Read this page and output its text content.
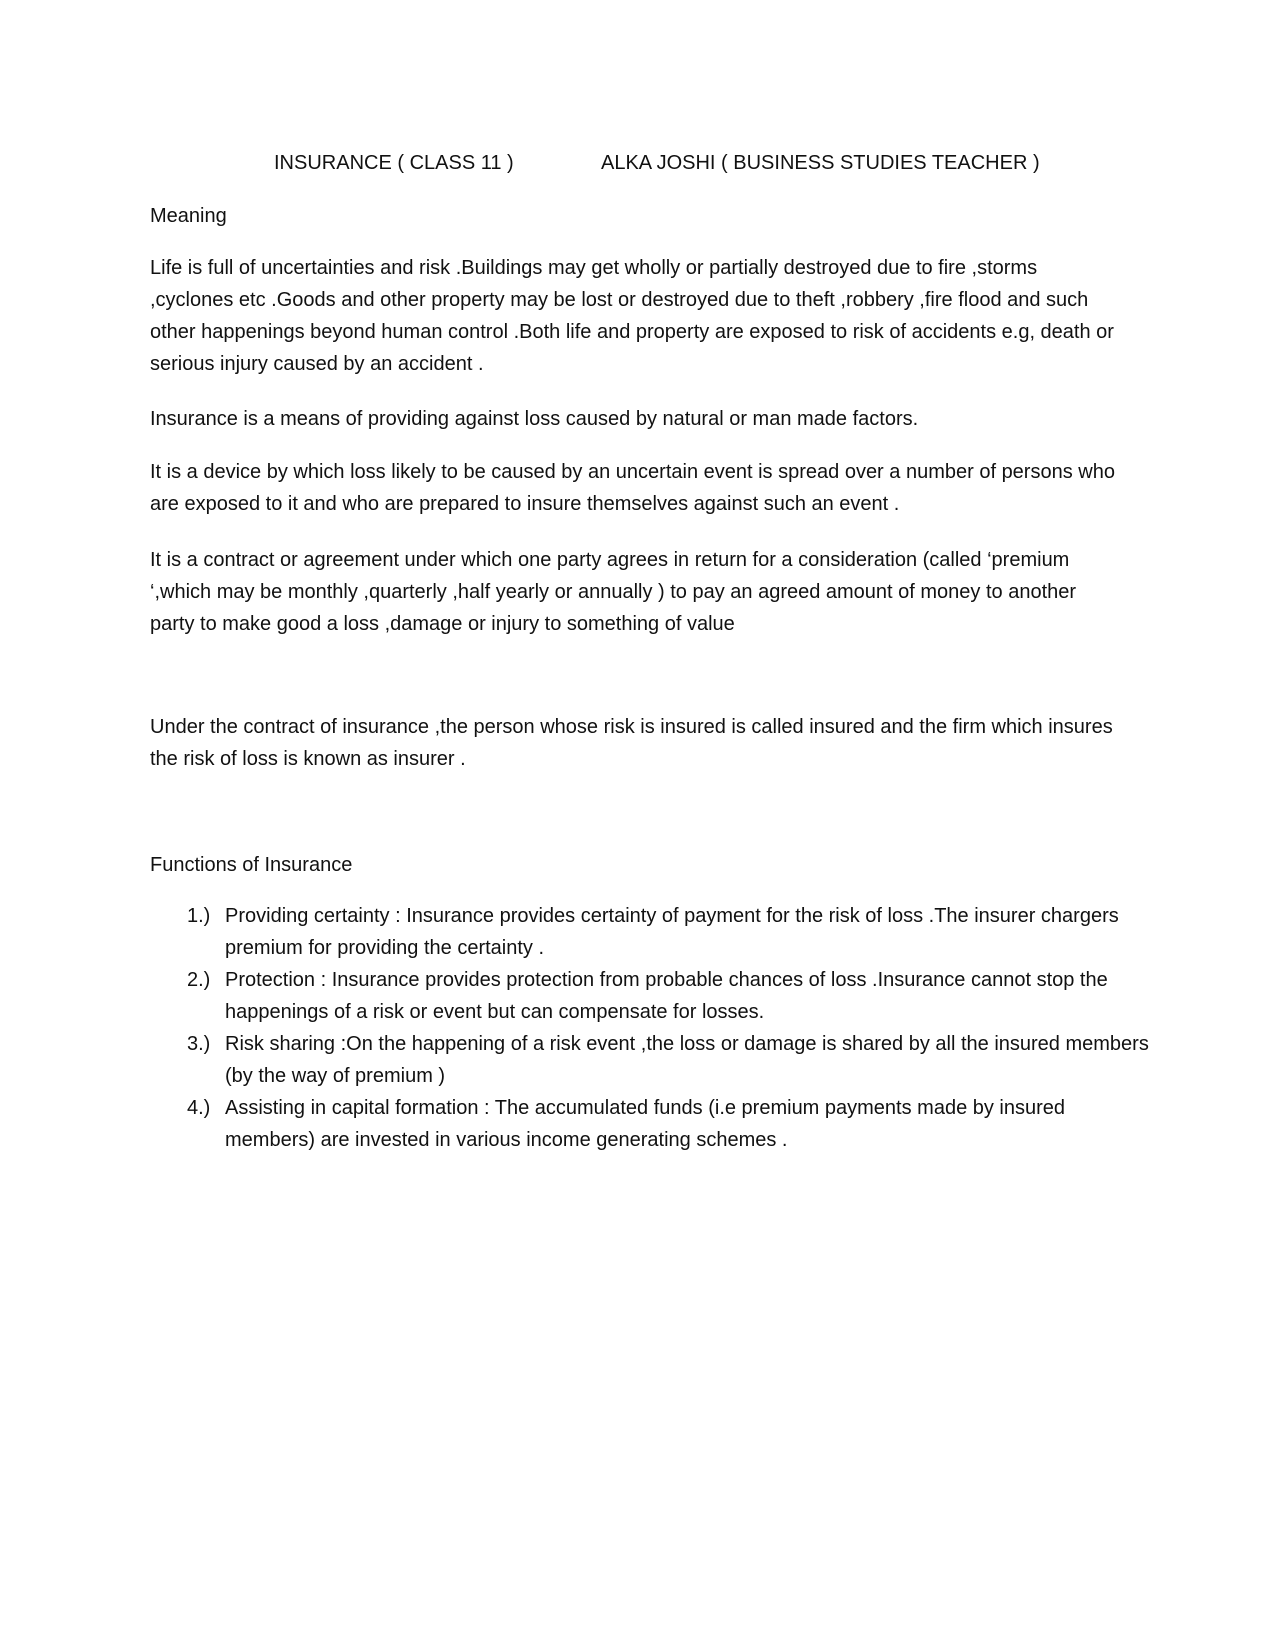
INSURANCE ( CLASS 11 )	ALKA JOSHI ( BUSINESS STUDIES TEACHER )

Meaning

Life is full of uncertainties and risk .Buildings may get wholly or partially destroyed due to fire ,storms ,cyclones etc .Goods and other property may be lost or destroyed due to theft ,robbery ,fire flood and such other happenings beyond human control .Both life and property are exposed to risk of accidents e.g, death or serious injury caused by an accident .

Insurance is a means of providing against loss caused by natural or man made factors.

It is a device by which loss likely to be caused by an uncertain event is spread over a number of persons who are exposed to it and who are prepared to insure themselves against such an event .

It is a contract or agreement under which one party agrees in return for a consideration (called ‘premium ‘,which may be monthly ,quarterly ,half yearly or annually ) to pay an agreed amount of money to another party to make good a loss ,damage or injury to something of value

Under the contract of insurance ,the person whose risk is insured is called insured and the firm which insures the risk of loss is known as insurer .

Functions of Insurance

1.) Providing certainty : Insurance provides certainty of payment for the risk of loss .The insurer chargers premium for providing the certainty .
2.) Protection : Insurance provides protection from probable chances of loss .Insurance cannot stop the happenings of a risk or event but can compensate for losses.
3.) Risk sharing :On the happening of a risk event ,the loss or damage is shared by all the insured members (by the way of premium )
4.) Assisting in capital formation : The accumulated funds (i.e premium payments made by insured members) are invested in various income generating schemes .
